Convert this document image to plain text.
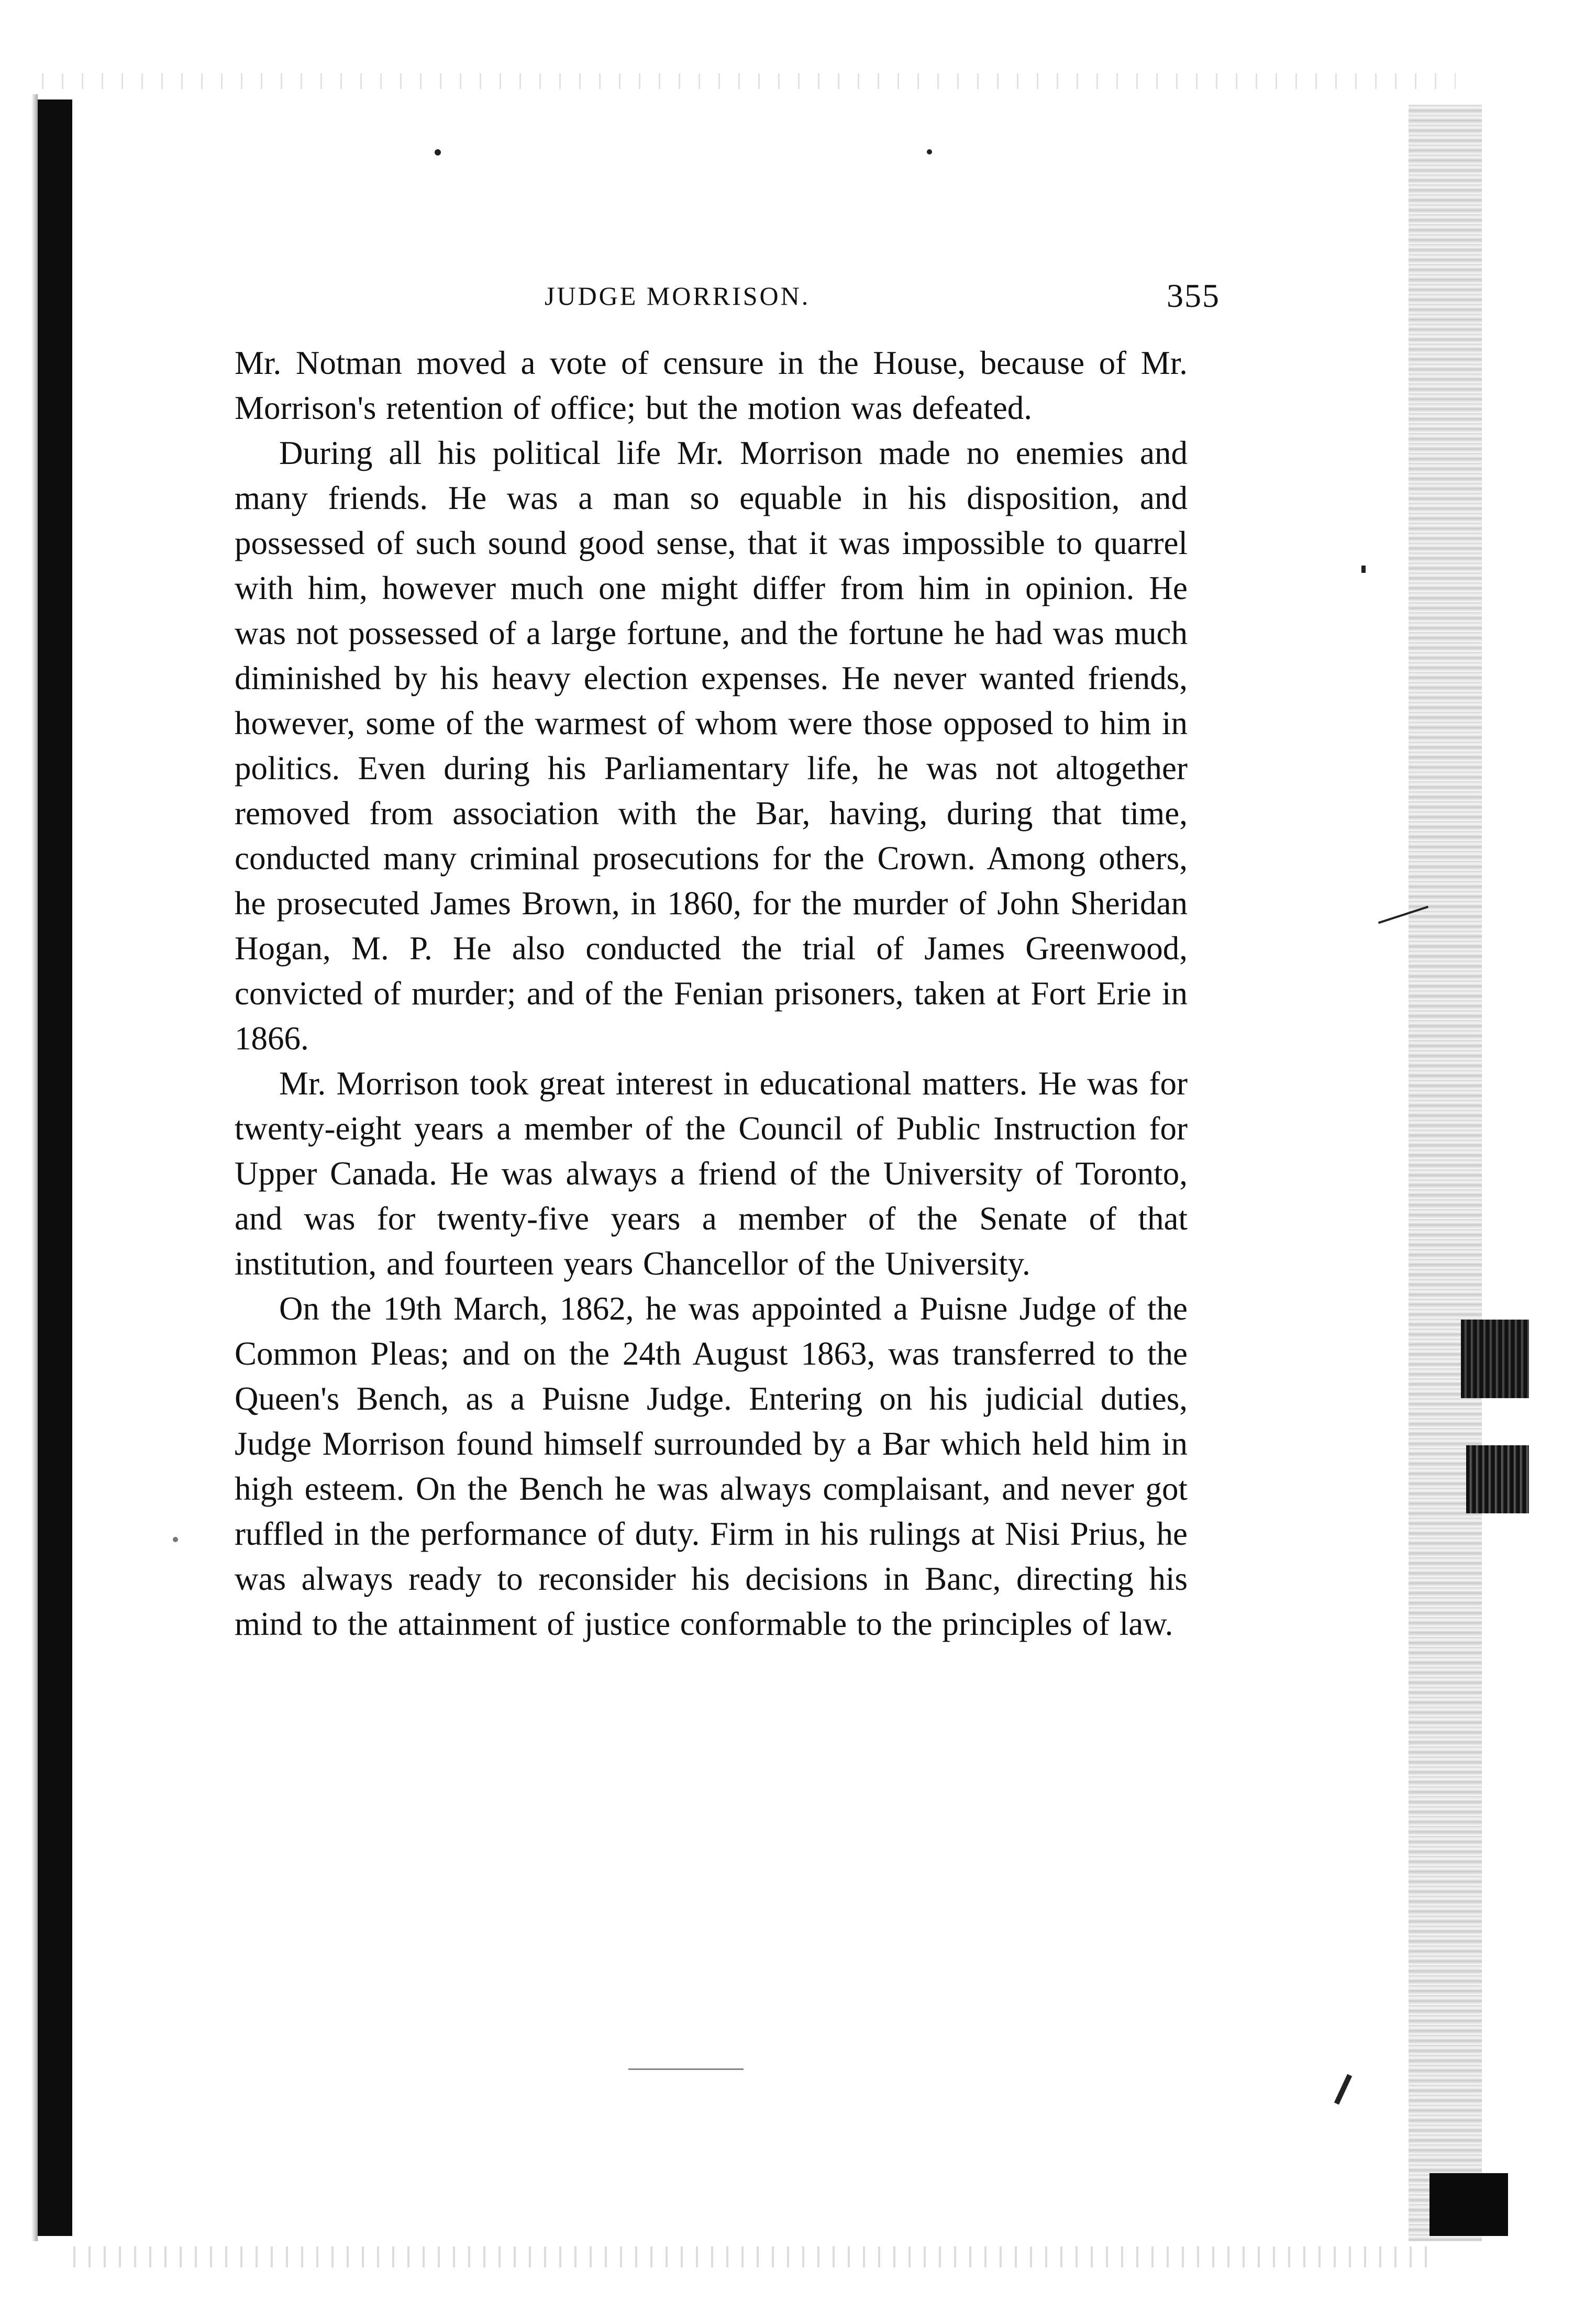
JUDGE MORRISON.	355

Mr. Notman moved a vote of censure in the House, because of Mr. Morrison's retention of office; but the motion was defeated.

During all his political life Mr. Morrison made no enemies and many friends. He was a man so equable in his disposition, and possessed of such sound good sense, that it was impossible to quarrel with him, however much one might differ from him in opinion. He was not possessed of a large fortune, and the fortune he had was much diminished by his heavy election expenses. He never wanted friends, however, some of the warmest of whom were those opposed to him in politics. Even during his Parliamentary life, he was not altogether removed from association with the Bar, having, during that time, conducted many criminal prosecutions for the Crown. Among others, he prosecuted James Brown, in 1860, for the murder of John Sheridan Hogan, M. P. He also conducted the trial of James Greenwood, convicted of murder; and of the Fenian prisoners, taken at Fort Erie in 1866.

Mr. Morrison took great interest in educational matters. He was for twenty-eight years a member of the Council of Public Instruction for Upper Canada. He was always a friend of the University of Toronto, and was for twenty-five years a member of the Senate of that institution, and fourteen years Chancellor of the University.

On the 19th March, 1862, he was appointed a Puisne Judge of the Common Pleas; and on the 24th August 1863, was transferred to the Queen's Bench, as a Puisne Judge. Entering on his judicial duties, Judge Morrison found himself surrounded by a Bar which held him in high esteem. On the Bench he was always complaisant, and never got ruffled in the performance of duty. Firm in his rulings at Nisi Prius, he was always ready to reconsider his decisions in Banc, directing his mind to the attainment of justice conformable to the principles of law.
